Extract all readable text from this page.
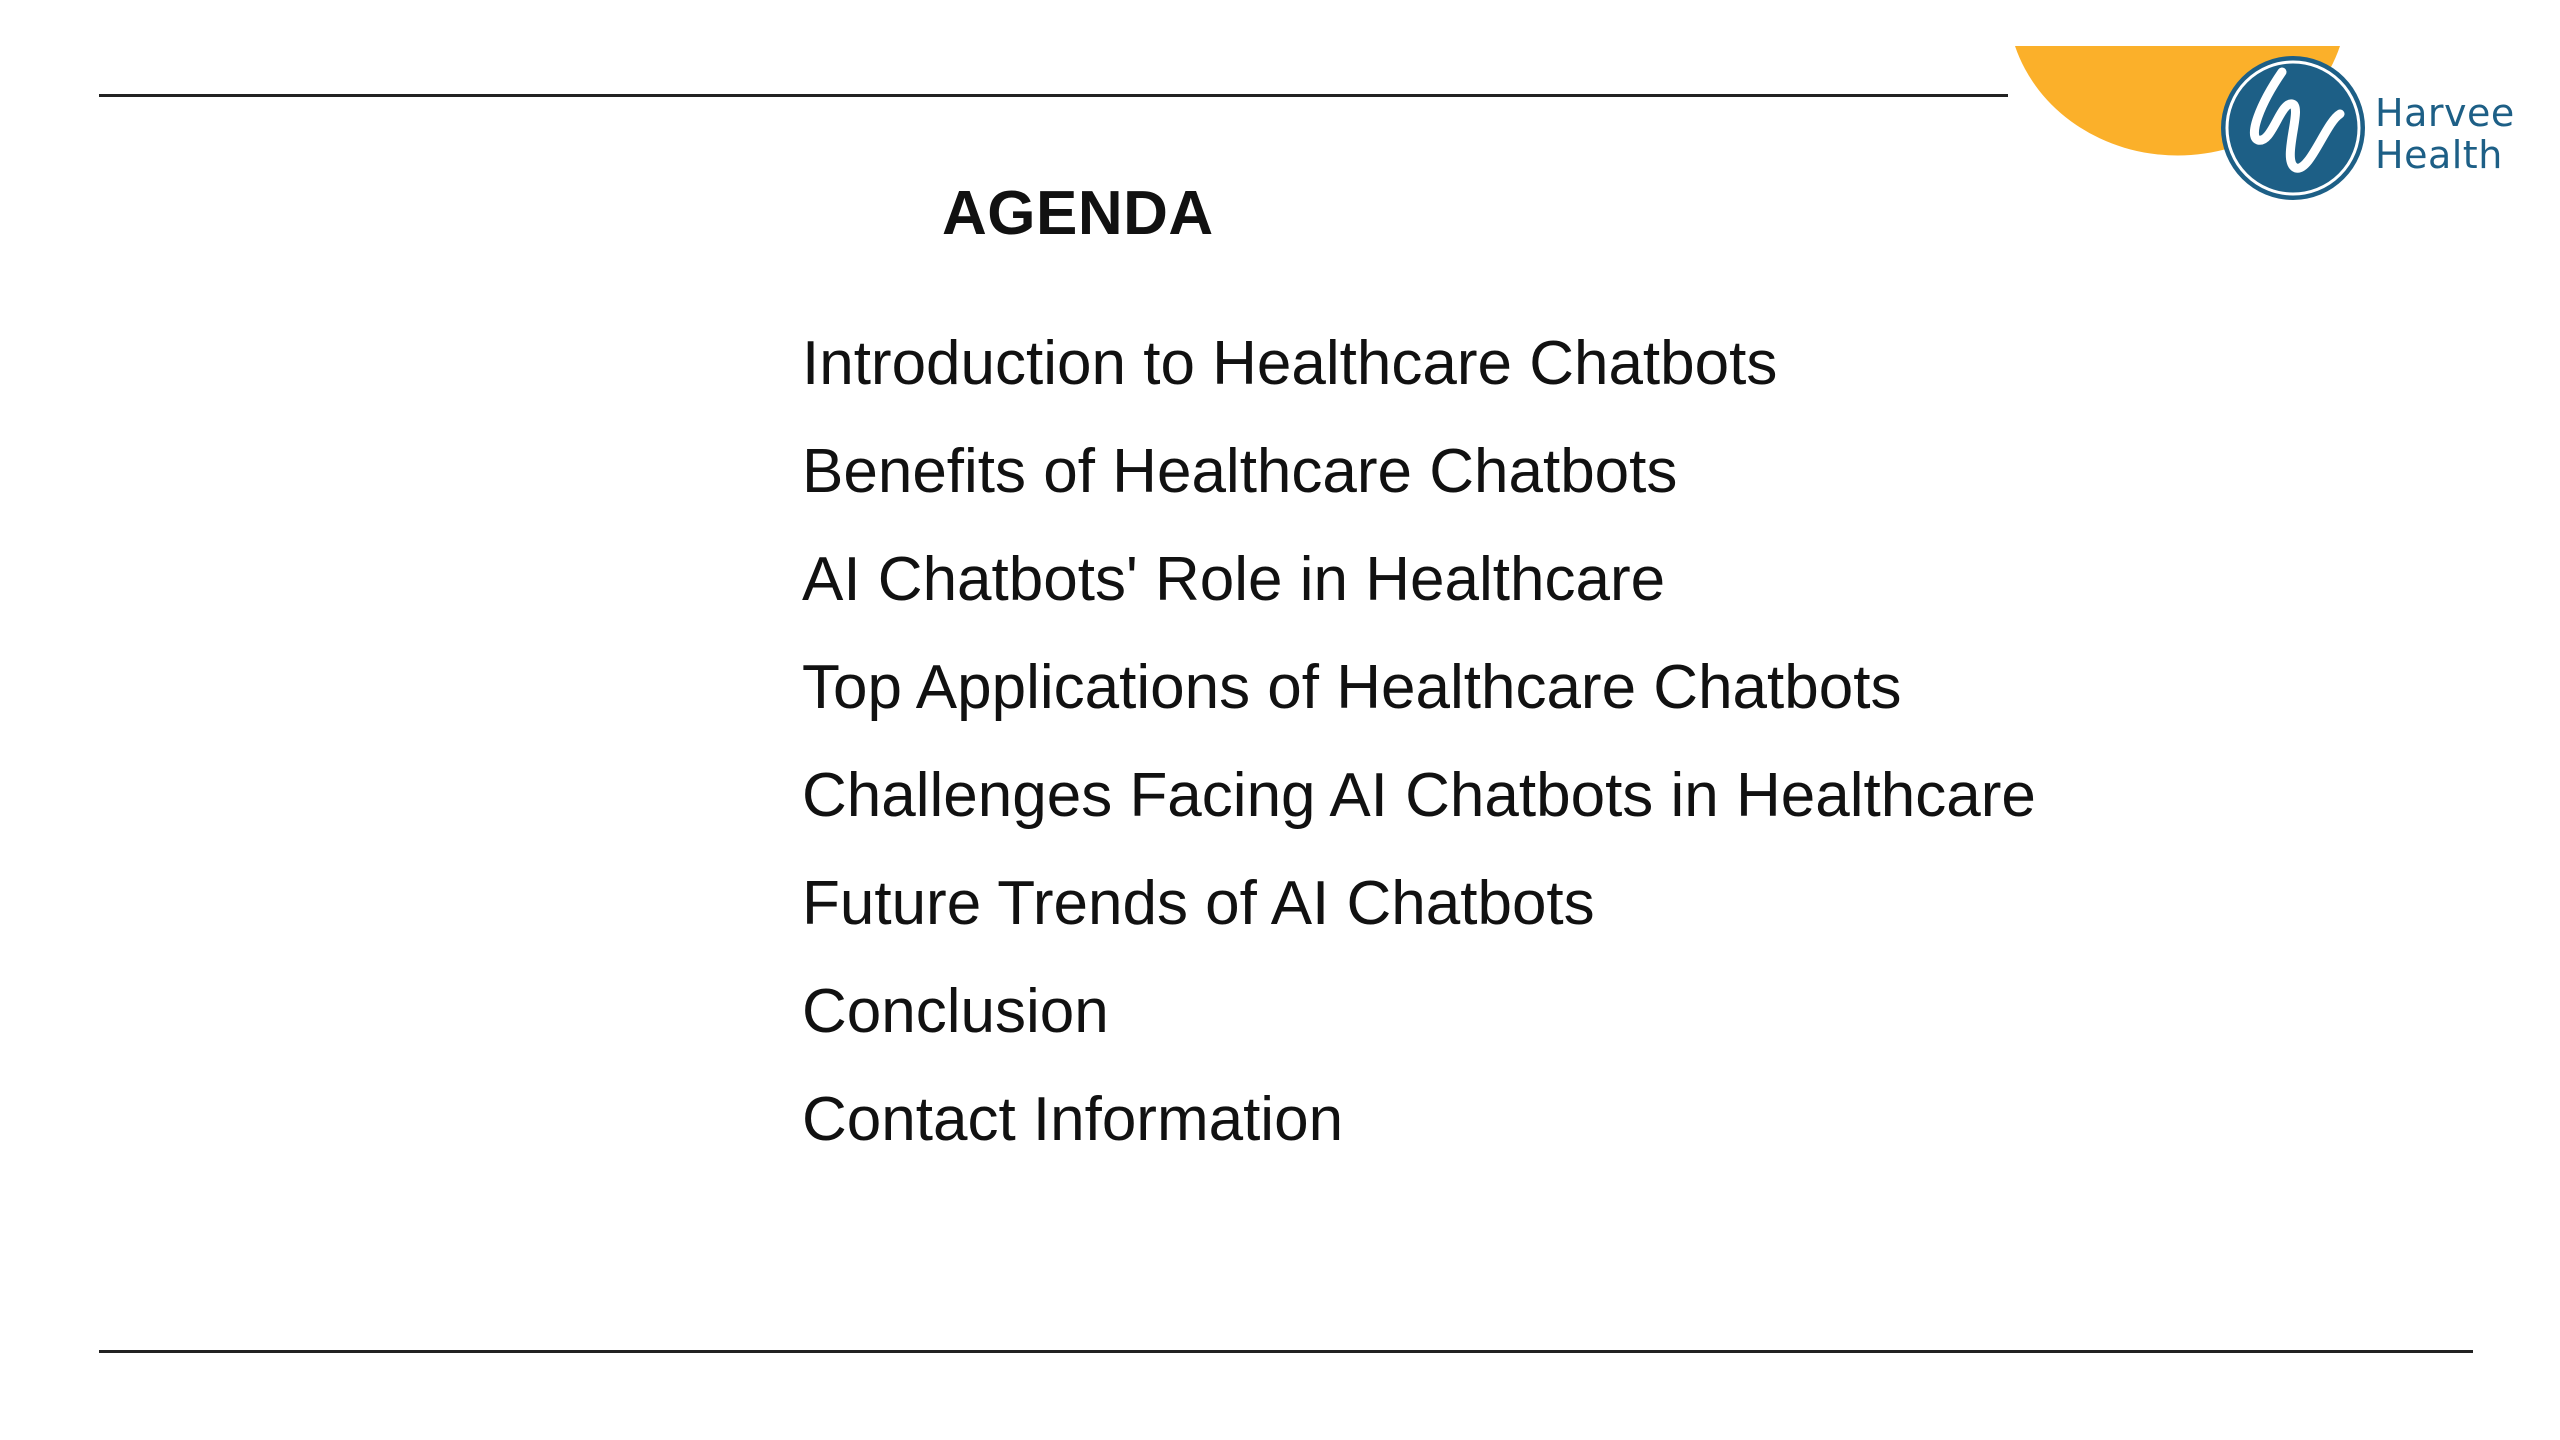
Harvee
Health
AGENDA
Introduction to Healthcare Chatbots
Benefits of Healthcare Chatbots
AI Chatbots' Role in Healthcare
Top Applications of Healthcare Chatbots
Challenges Facing AI Chatbots in Healthcare
Future Trends of AI Chatbots
Conclusion
Contact Information
